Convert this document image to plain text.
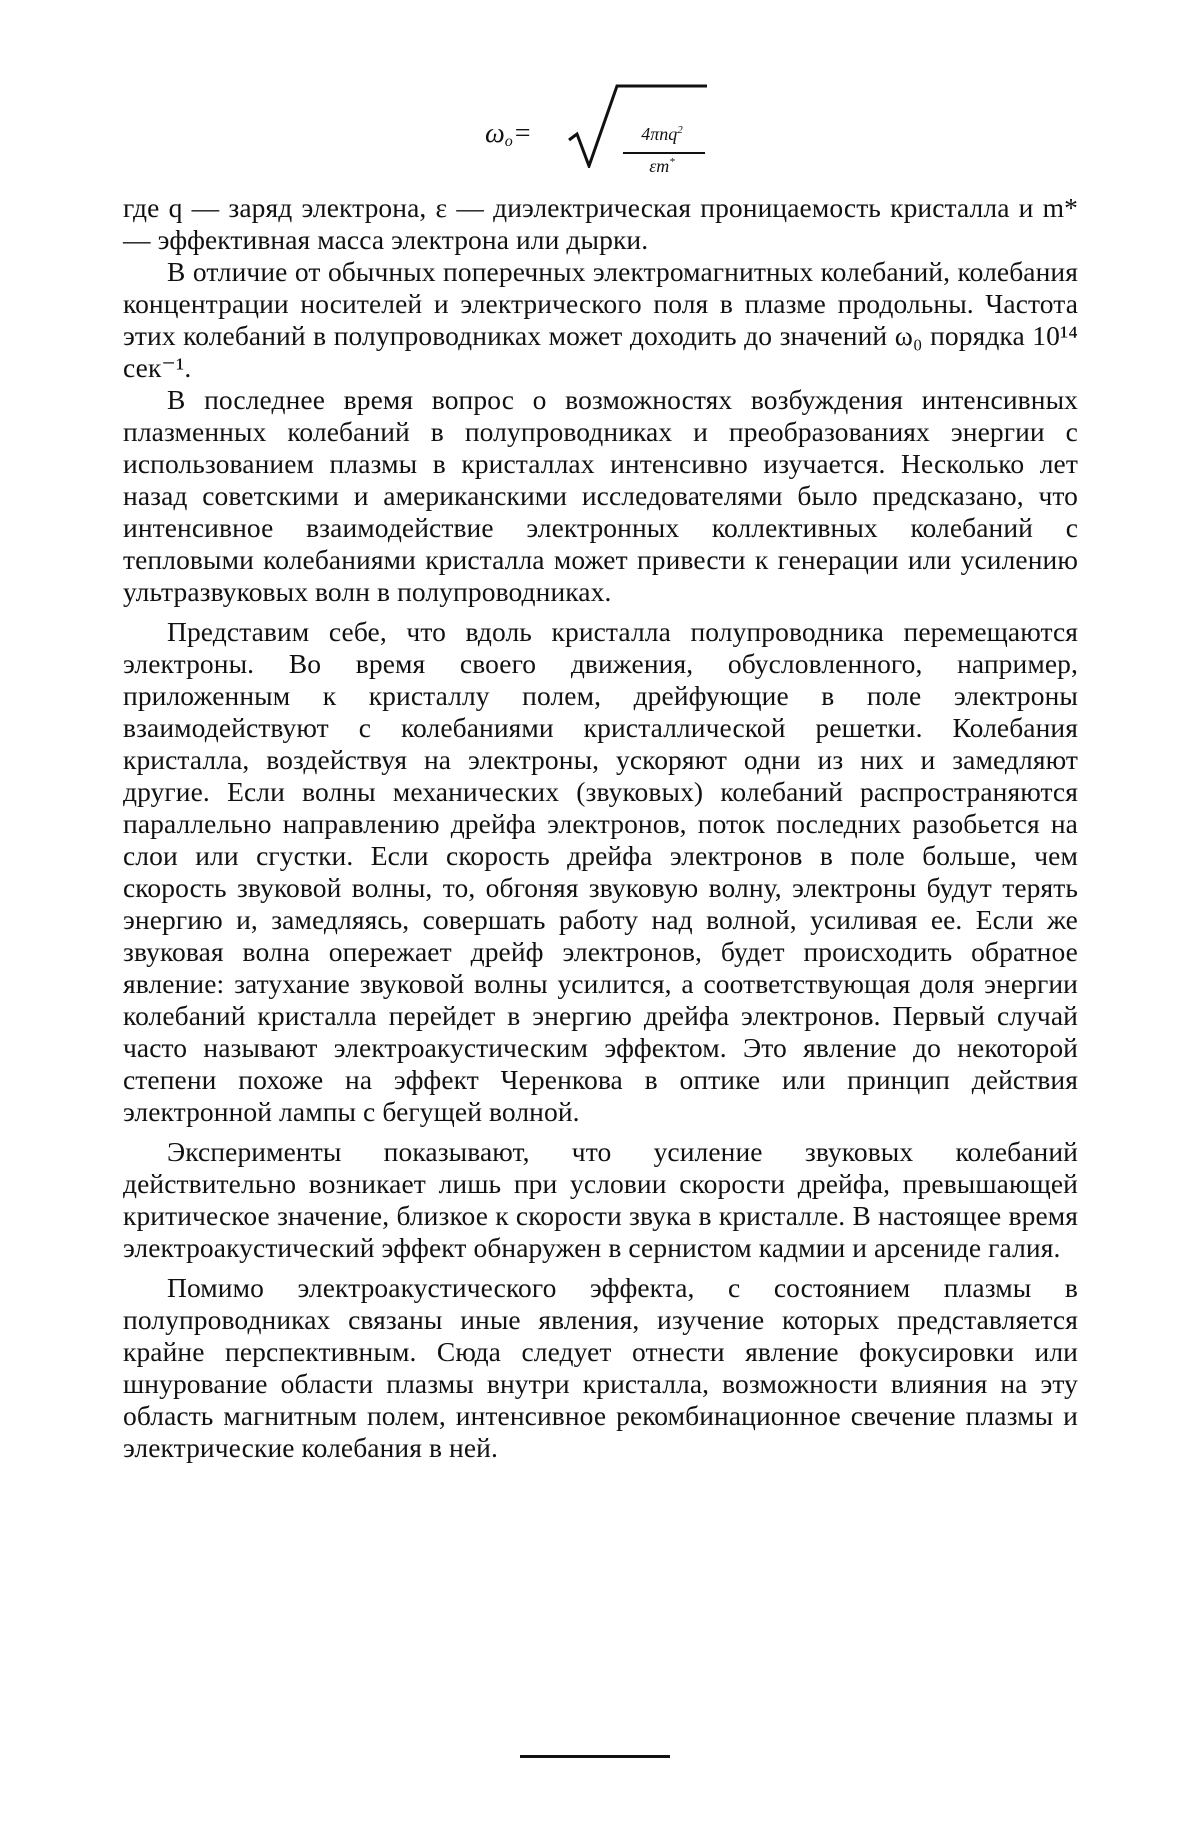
$\omega_o=$	4πnq$^2$
εm*

где q — заряд электрона, ε — диэлектрическая проницаемость кристалла и m* — эффективная масса электрона или дырки.

В отличие от обычных поперечных электромагнитных колебаний, колебания концентрации носителей и электрического поля в плазме продольны. Частота этих колебаний в полупроводниках может доходить до значений ω₀ порядка 10¹⁴ сек⁻¹.

В последнее время вопрос о возможностях возбуждения интенсивных плазменных колебаний в полупроводниках и преобразованиях энергии с использованием плазмы в кристаллах интенсивно изучается. Несколько лет назад советскими и американскими исследователями было предсказано, что интенсивное взаимодействие электронных коллективных колебаний с тепловыми колебаниями кристалла может привести к генерации или усилению ультразвуковых волн в полупроводниках.

Представим себе, что вдоль кристалла полупроводника перемещаются электроны. Во время своего движения, обусловленного, например, приложенным к кристаллу полем, дрейфующие в поле электроны взаимодействуют с колебаниями кристаллической решетки. Колебания кристалла, воздействуя на электроны, ускоряют одни из них и замедляют другие. Если волны механических (звуковых) колебаний распространяются параллельно направлению дрейфа электронов, поток последних разобьется на слои или сгустки. Если скорость дрейфа электронов в поле больше, чем скорость звуковой волны, то, обгоняя звуковую волну, электроны будут терять энергию и, замедляясь, совершать работу над волной, усиливая ее. Если же звуковая волна опережает дрейф электронов, будет происходить обратное явление: затухание звуковой волны усилится, а соответствующая доля энергии колебаний кристалла перейдет в энергию дрейфа электронов. Первый случай часто называют электроакустическим эффектом. Это явление до некоторой степени похоже на эффект Черенкова в оптике или принцип действия электронной лампы с бегущей волной.

Эксперименты показывают, что усиление звуковых колебаний действительно возникает лишь при условии скорости дрейфа, превышающей критическое значение, близкое к скорости звука в кристалле. В настоящее время электроакустический эффект обнаружен в сернистом кадмии и арсениде галия.

Помимо электроакустического эффекта, с состоянием плазмы в полупроводниках связаны иные явления, изучение которых представляется крайне перспективным. Сюда следует отнести явление фокусировки или шнурование области плазмы внутри кристалла, возможности влияния на эту область магнитным полем, интенсивное рекомбинационное свечение плазмы и электрические колебания в ней.
